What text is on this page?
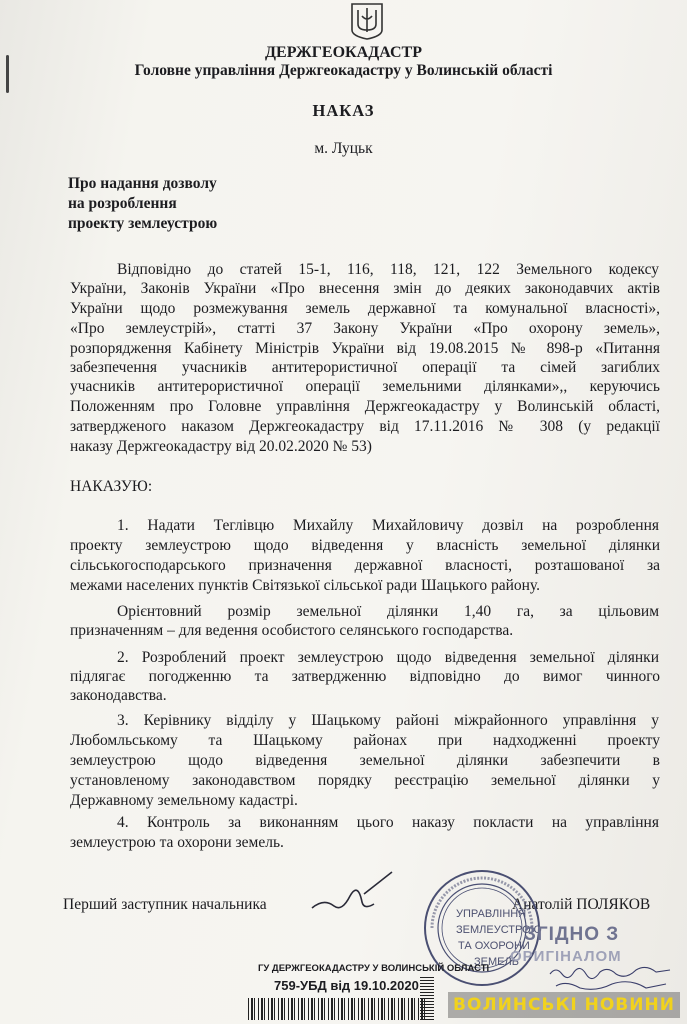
ДЕРЖГЕОКАДАСТР
Головне управління Держгеокадастру у Волинській області
НАКАЗ
м. Луцьк
Про надання дозволу
на розроблення
проекту землеустрою
Відповідно до статей 15-1, 116, 118, 121, 122 Земельного кодексу
України, Законів України «Про внесення змін до деяких законодавчих актів
України щодо розмежування земель державної та комунальної власності»,
«Про землеустрій», статті 37 Закону України «Про охорону земель»,
розпорядження Кабінету Міністрів України від 19.08.2015 № 898-р «Питання
забезпечення учасників антитерористичної операції та сімей загиблих
учасників антитерористичної операції земельними ділянками»,, керуючись
Положенням про Головне управління Держгеокадастру у Волинській області,
затвердженого наказом Держгеокадастру від 17.11.2016 № 308 (у редакції
наказу Держгеокадастру від 20.02.2020 № 53)
НАКАЗУЮ:
1. Надати Теглівцю Михайлу Михайловичу дозвіл на розроблення
проекту землеустрою щодо відведення у власність земельної ділянки
сільськогосподарського призначення державної власності, розташованої за
межами населених пунктів Світязької сільської ради Шацького району.
Орієнтовний розмір земельної ділянки 1,40 га, за цільовим
призначенням – для ведення особистого селянського господарства.
2. Розроблений проект землеустрою щодо відведення земельної ділянки
підлягає погодженню та затвердженню відповідно до вимог чинного
законодавства.
3. Керівнику відділу у Шацькому районі міжрайонного управління у
Любомльському та Шацькому районах при надходженні проекту
землеустрою щодо відведення земельної ділянки забезпечити в
установленому законодавством порядку реєстрацію земельної ділянки у
Державному земельному кадастрі.
4. Контроль за виконанням цього наказу покласти на управління
землеустрою та охорони земель.
Перший заступник начальника	Анатолій ПОЛЯКОВ
УПРАВЛІННЯ
ЗЕМЛЕУСТРОЮ
ТА ОХОРОНИ
ЗЕМЕЛЬ
ЗГІДНО З
ОРИГІНАЛОМ
ГУ ДЕРЖГЕОКАДАСТРУ У ВОЛИНСЬКІЙ ОБЛАСТІ
759-УБД від 19.10.2020
ВОЛИНСЬКІ НОВИНИ
